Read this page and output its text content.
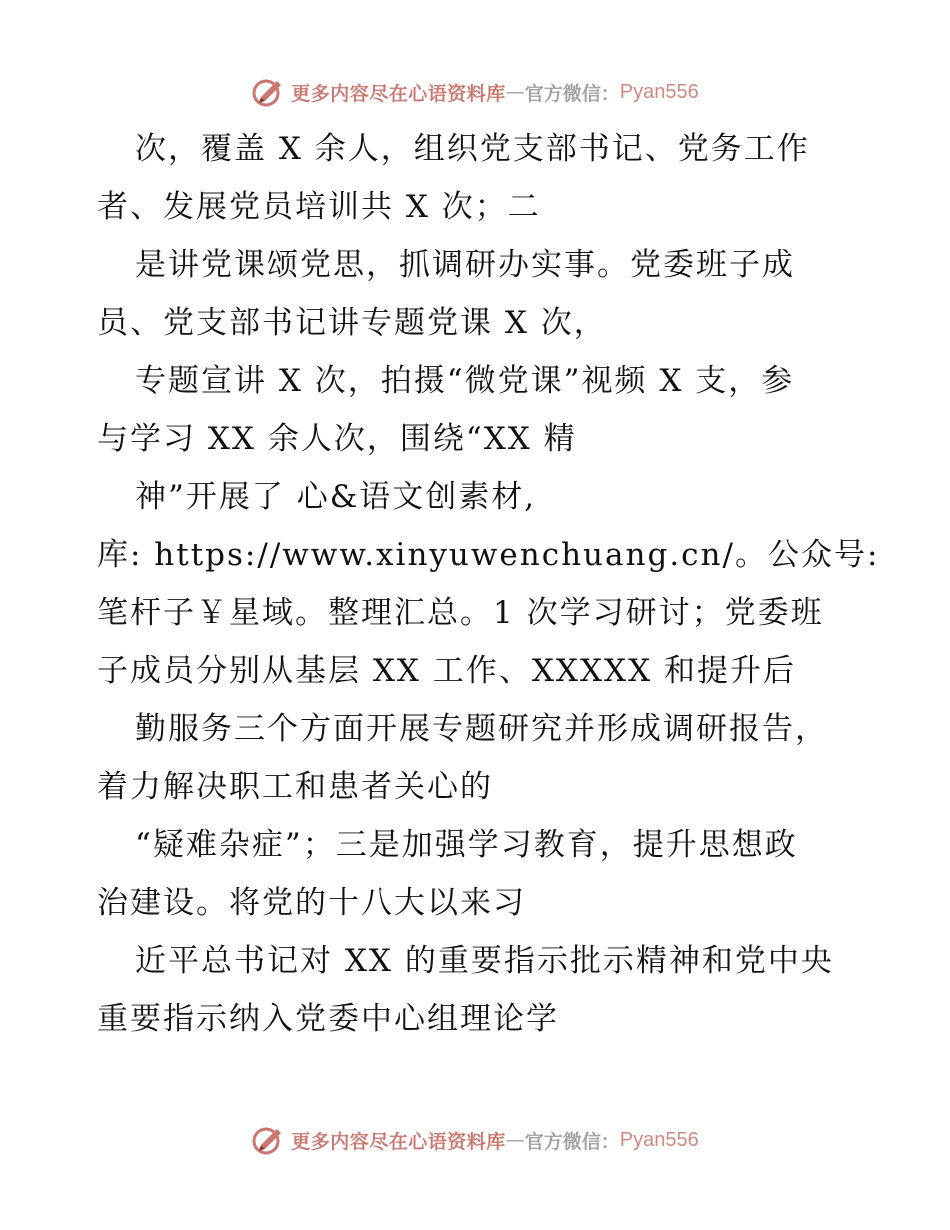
更多内容尽在心语资料库 — 官方微信： Pyan556
次，覆盖 X 余人，组织党支部书记、党务工作
者、发展党员培训共 X 次；二
是讲党课颂党思，抓调研办实事。党委班子成
员、党支部书记讲专题党课 X 次，
专题宣讲 X 次，拍摄“微党课”视频 X 支，参
与学习 XX 余人次，围绕“XX 精
神”开展了 心&语文创素材,
库: https://www.xinyuwenchuang.cn/。公众号:
笔杆子￥星域。整理汇总。1 次学习研讨；党委班
子成员分别从基层 XX 工作、XXXXX 和提升后
勤服务三个方面开展专题研究并形成调研报告，
着力解决职工和患者关心的
“疑难杂症”；三是加强学习教育，提升思想政
治建设。将党的十八大以来习
近平总书记对 XX 的重要指示批示精神和党中央
重要指示纳入党委中心组理论学
更多内容尽在心语资料库 — 官方微信： Pyan556
